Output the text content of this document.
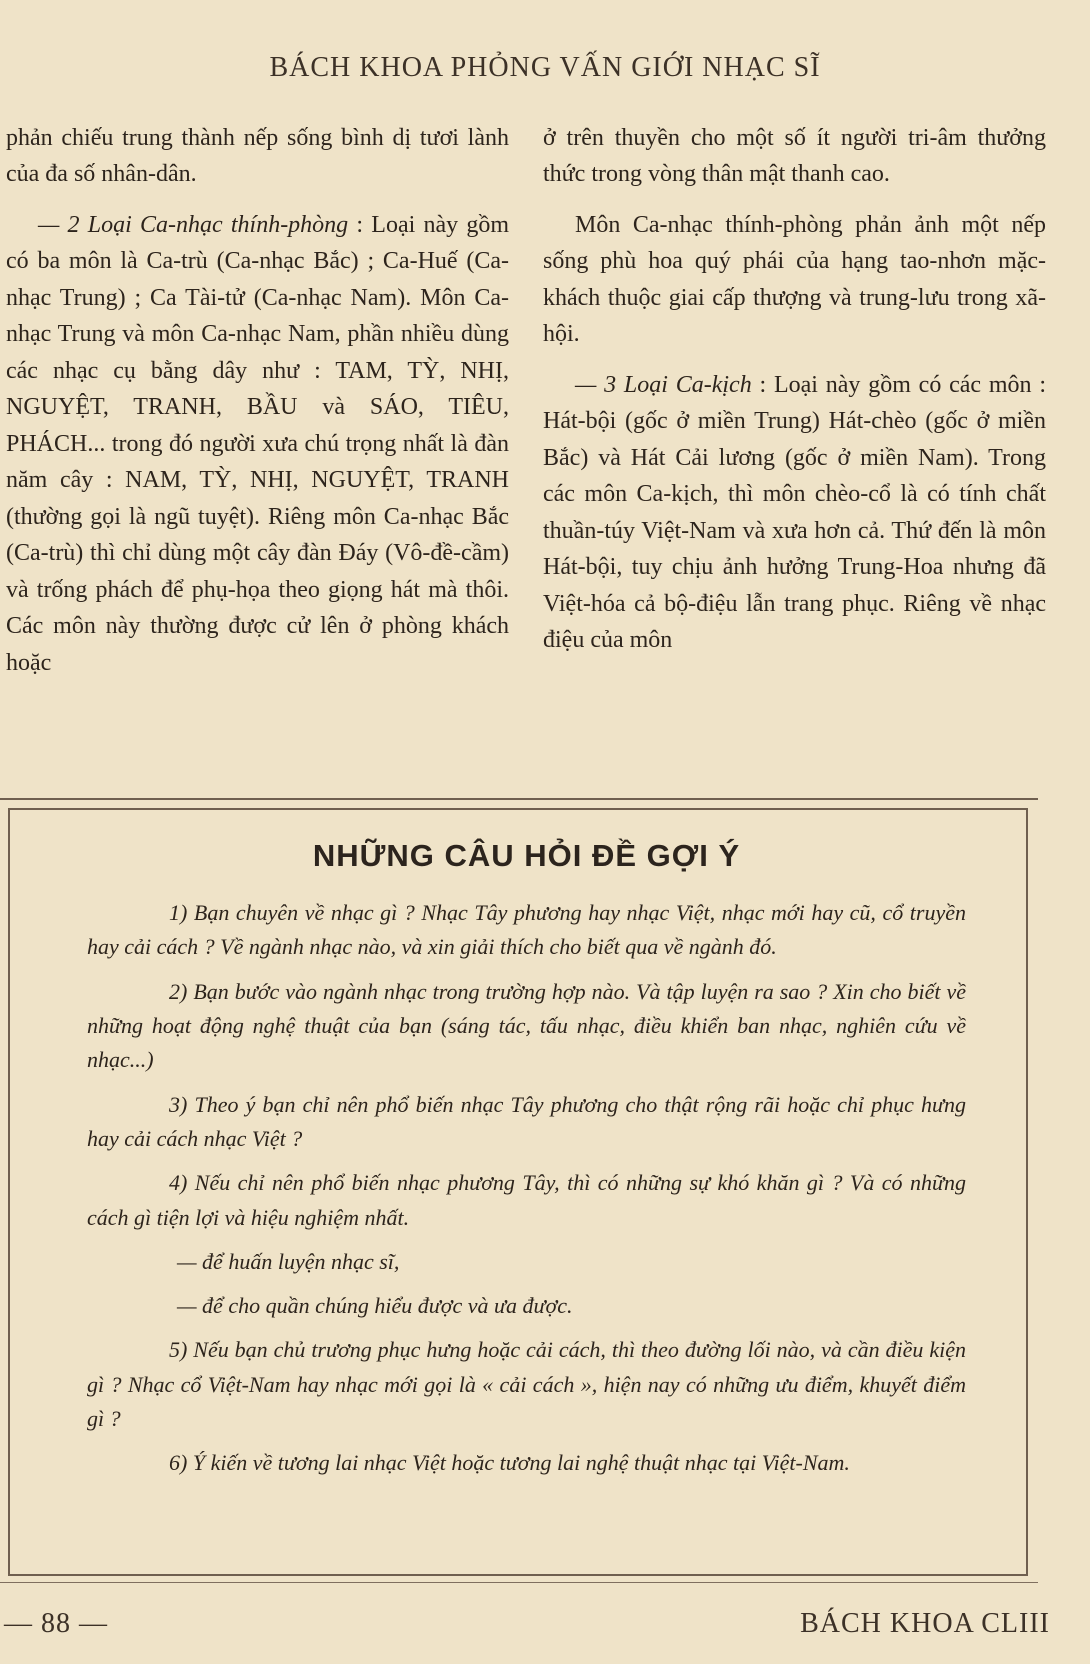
BÁCH KHOA PHỎNG VẤN GIỚI NHẠC SĨ

phản chiếu trung thành nếp sống bình dị tươi lành của đa số nhân-dân.

— 2 Loại Ca-nhạc thính-phòng : Loại này gồm có ba môn là Ca-trù (Ca-nhạc Bắc) ; Ca-Huế (Ca-nhạc Trung) ; Ca Tài-tử (Ca-nhạc Nam). Môn Ca-nhạc Trung và môn Ca-nhạc Nam, phần nhiều dùng các nhạc cụ bằng dây như : TAM, TỲ, NHỊ, NGUYỆT, TRANH, BẦU và SÁO, TIÊU, PHÁCH... trong đó người xưa chú trọng nhất là đàn năm cây : NAM, TỲ, NHỊ, NGUYỆT, TRANH (thường gọi là ngũ tuyệt). Riêng môn Ca-nhạc Bắc (Ca-trù) thì chỉ dùng một cây đàn Đáy (Vô-đề-cầm) và trống phách để phụ-họa theo giọng hát mà thôi. Các môn này thường được cử lên ở phòng khách hoặc

ở trên thuyền cho một số ít người tri-âm thưởng thức trong vòng thân mật thanh cao.

Môn Ca-nhạc thính-phòng phản ảnh một nếp sống phù hoa quý phái của hạng tao-nhơn mặc-khách thuộc giai cấp thượng và trung-lưu trong xã-hội.

— 3 Loại Ca-kịch : Loại này gồm có các môn : Hát-bội (gốc ở miền Trung) Hát-chèo (gốc ở miền Bắc) và Hát Cải lương (gốc ở miền Nam). Trong các môn Ca-kịch, thì môn chèo-cổ là có tính chất thuần-túy Việt-Nam và xưa hơn cả. Thứ đến là môn Hát-bội, tuy chịu ảnh hưởng Trung-Hoa nhưng đã Việt-hóa cả bộ-điệu lẫn trang phục. Riêng về nhạc điệu của môn

NHỮNG CÂU HỎI ĐỀ GỢI Ý

1) Bạn chuyên về nhạc gì ? Nhạc Tây phương hay nhạc Việt, nhạc mới hay cũ, cổ truyền hay cải cách ? Về ngành nhạc nào, và xin giải thích cho biết qua về ngành đó.

2) Bạn bước vào ngành nhạc trong trường hợp nào. Và tập luyện ra sao ? Xin cho biết về những hoạt động nghệ thuật của bạn (sáng tác, tấu nhạc, điều khiển ban nhạc, nghiên cứu về nhạc...)

3) Theo ý bạn chỉ nên phổ biến nhạc Tây phương cho thật rộng rãi hoặc chỉ phục hưng hay cải cách nhạc Việt ?

4) Nếu chỉ nên phổ biến nhạc phương Tây, thì có những sự khó khăn gì ? Và có những cách gì tiện lợi và hiệu nghiệm nhất.

— để huấn luyện nhạc sĩ,
— để cho quần chúng hiểu được và ưa được.

5) Nếu bạn chủ trương phục hưng hoặc cải cách, thì theo đường lối nào, và cần điều kiện gì ? Nhạc cổ Việt-Nam hay nhạc mới gọi là « cải cách », hiện nay có những ưu điểm, khuyết điểm gì ?

6) Ý kiến về tương lai nhạc Việt hoặc tương lai nghệ thuật nhạc tại Việt-Nam.

— 88 —	BÁCH KHOA CLIII
